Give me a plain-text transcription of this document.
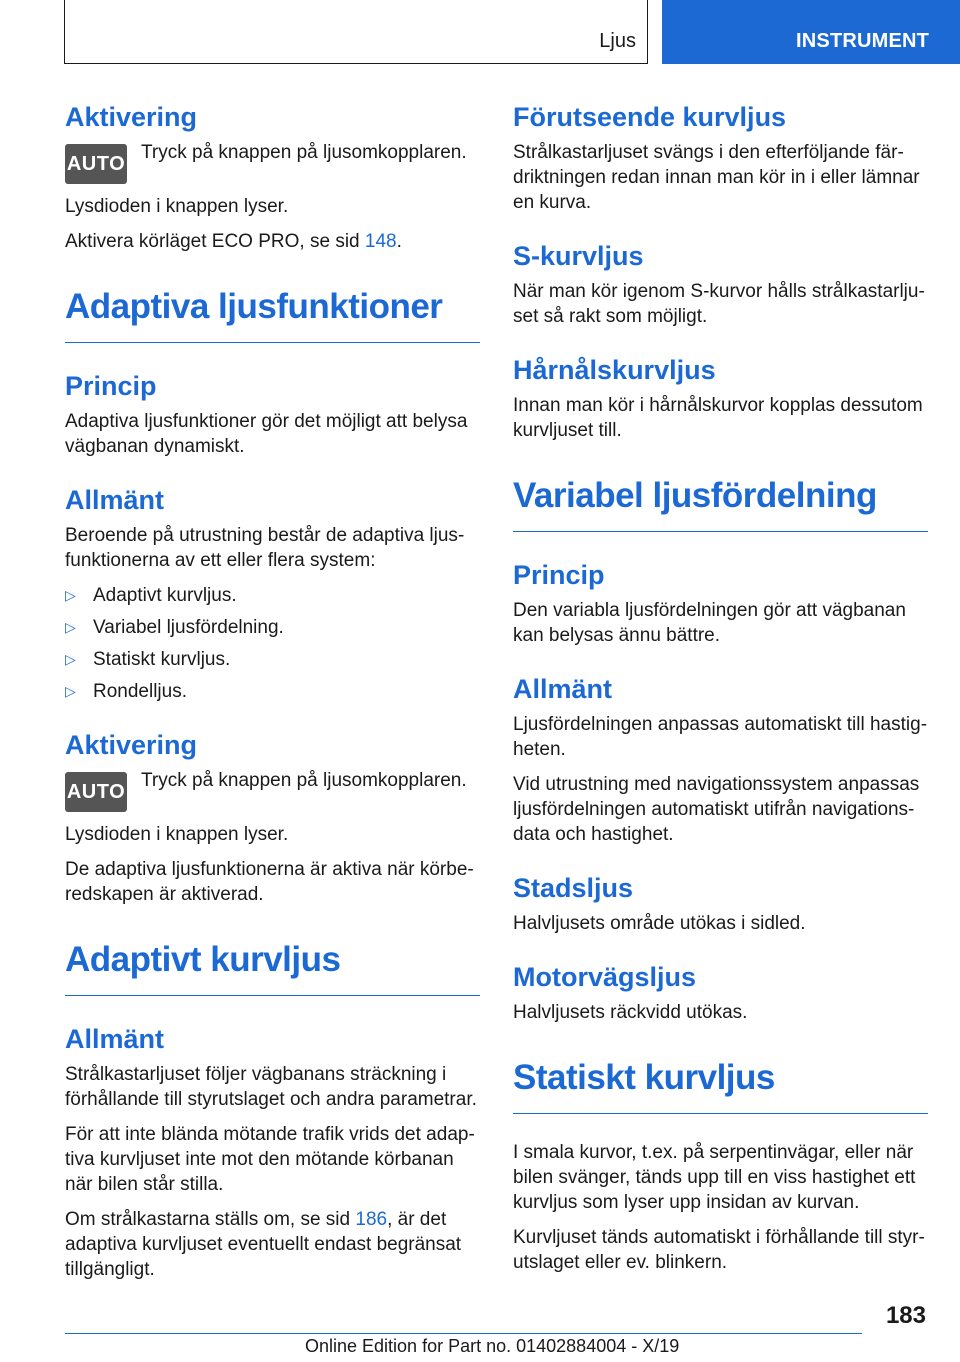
Ljus	INSTRUMENT
Aktivering
AUTO Tryck på knappen på ljusomkopplaren.

Lysdioden i knappen lyser.

Aktivera körläget ECO PRO, se sid 148.

Adaptiva ljusfunktioner
Princip

Adaptiva ljusfunktioner gör det möjligt att belysa vägbanan dynamiskt.

Allmänt

Beroende på utrustning består de adaptiva ljusfunktionerna av ett eller flera system:

▷ Adaptivt kurvljus.
▷ Variabel ljusfördelning.
▷ Statiskt kurvljus.
▷ Rondelljus.
Aktivering
AUTO Tryck på knappen på ljusomkopplaren.

Lysdioden i knappen lyser.

De adaptiva ljusfunktionerna är aktiva när körberedskapen är aktiverad.

Adaptivt kurvljus
Allmänt

Strålkastarljuset följer vägbanans sträckning i förhållande till styrutslaget och andra parametrar.

För att inte blända mötande trafik vrids det adaptiva kurvljuset inte mot den mötande körbanan när bilen står stilla.

Om strålkastarna ställs om, se sid 186, är det adaptiva kurvljuset eventuellt endast begränsat tillgängligt.

Förutseende kurvljus

Strålkastarljuset svängs i den efterföljande färdriktningen redan innan man kör in i eller lämnar en kurva.

S-kurvljus

När man kör igenom S-kurvor hålls strålkastarljuset så rakt som möjligt.

Hårnålskurvljus

Innan man kör i hårnålskurvor kopplas dessutom kurvljuset till.

Variabel ljusfördelning
Princip

Den variabla ljusfördelningen gör att vägbanan kan belysas ännu bättre.

Allmänt

Ljusfördelningen anpassas automatiskt till hastigheten.

Vid utrustning med navigationssystem anpassas ljusfördelningen automatiskt utifrån navigationsdata och hastighet.

Stadsljus

Halvljusets område utökas i sidled.

Motorvägsljus

Halvljusets räckvidd utökas.

Statiskt kurvljus

I smala kurvor, t.ex. på serpentinvägar, eller när bilen svänger, tänds upp till en viss hastighet ett kurvljus som lyser upp insidan av kurvan.

Kurvljuset tänds automatiskt i förhållande till styrutslaget eller ev. blinkern.

183
Online Edition for Part no. 01402884004 - X/19
